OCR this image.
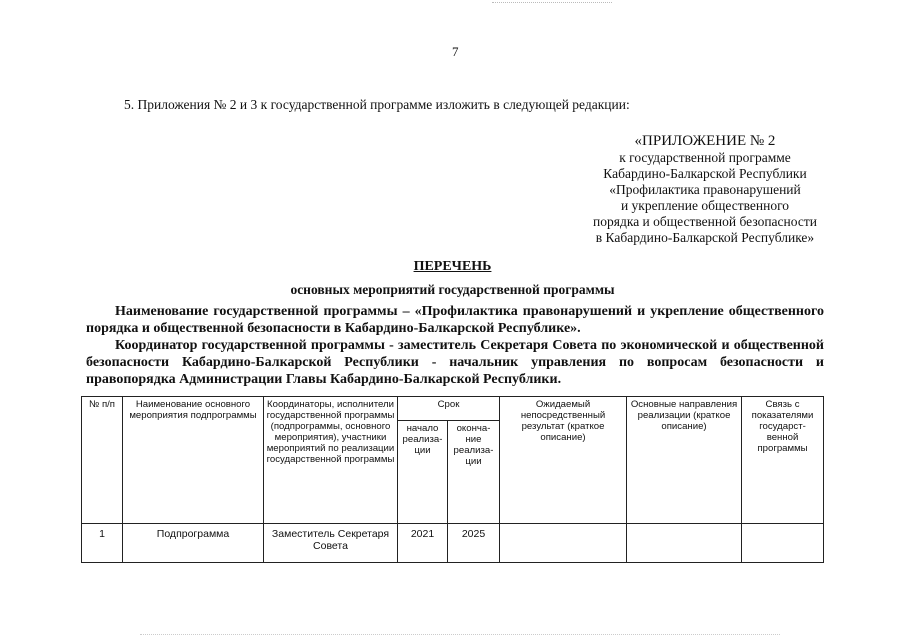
7
5. Приложения № 2 и 3 к государственной программе изложить в следующей редакции:
«ПРИЛОЖЕНИЕ № 2
к государственной программе
Кабардино-Балкарской Республики
«Профилактика правонарушений
и укрепление общественного
порядка и общественной безопасности
в Кабардино-Балкарской Республике»
ПЕРЕЧЕНЬ
основных мероприятий государственной программы
Наименование государственной программы – «Профилактика правонарушений и укрепление общественного порядка и общественной безопасности в Кабардино-Балкарской Республике».
Координатор государственной программы - заместитель Секретаря Совета по экономической и общественной безопасности Кабардино-Балкарской Республики - начальник управления по вопросам безопасности и правопорядка Администрации Главы Кабардино-Балкарской Республики.
№ п/п	Наименование основного мероприятия подпрограммы	Координаторы, исполнители государственной программы (подпрограммы, основного мероприятия), участники мероприятий по реализации государственной программы	Срок		Ожидаемый непосредственный результат (краткое описание)	Основные направления реализации (краткое описание)	Связь с показателями государст-венной программы
			начало реализа-ции	оконча-ние реализа-ции			
1	Подпрограмма	Заместитель Секретаря Совета	2021	2025			
